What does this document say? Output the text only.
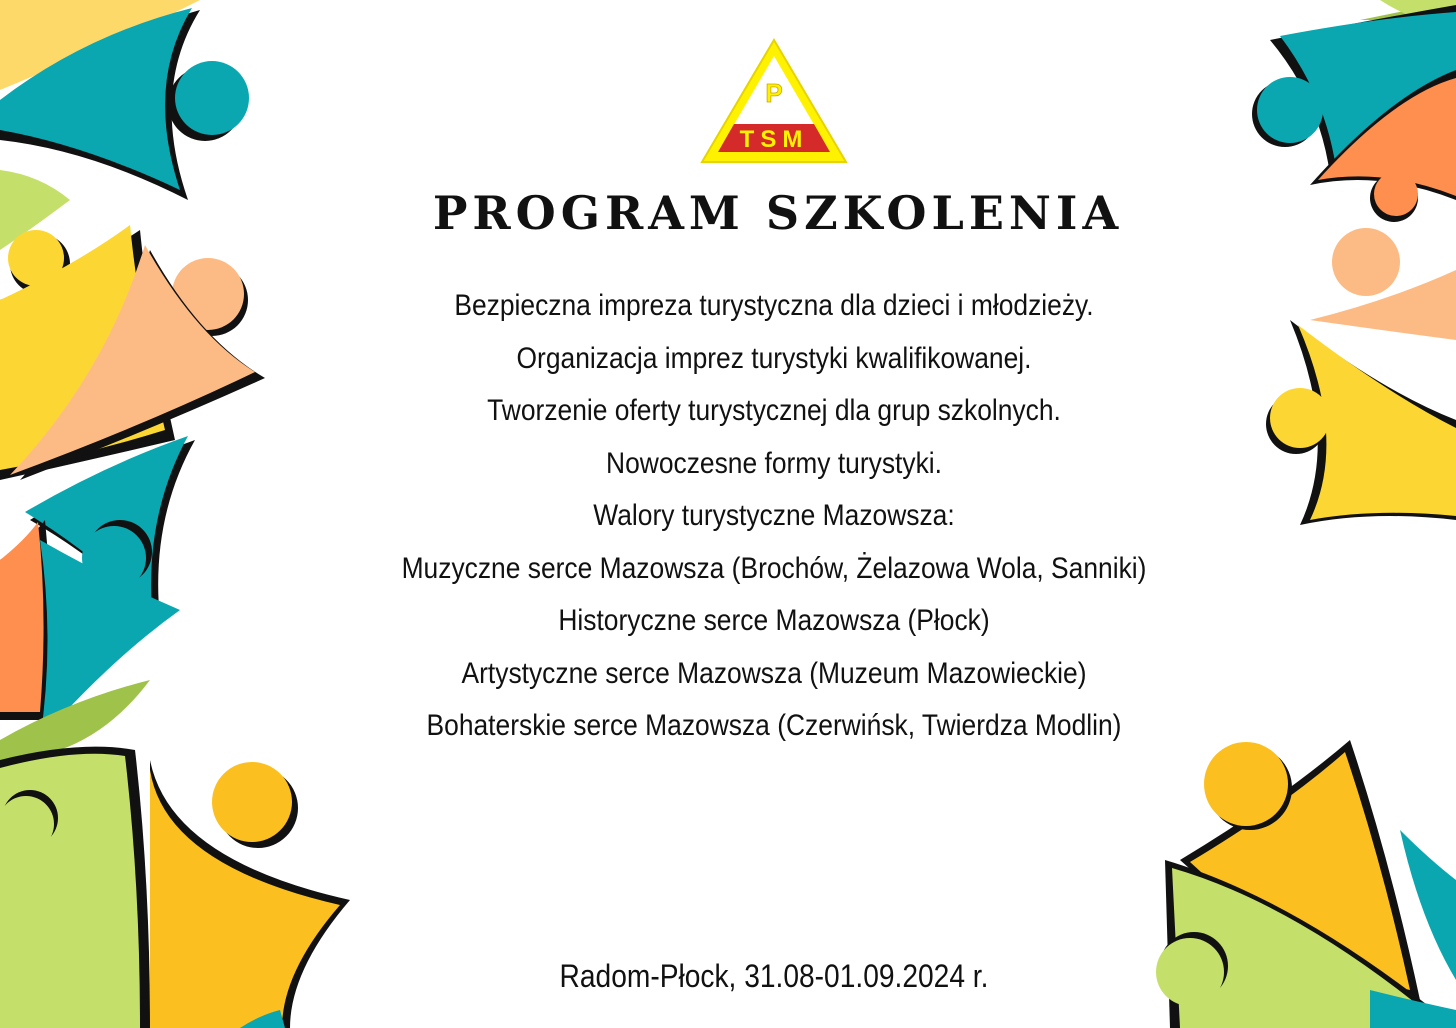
P
TSM
PROGRAM SZKOLENIA
Bezpieczna impreza turystyczna dla dzieci i młodzieży.
Organizacja imprez turystyki kwalifikowanej.
Tworzenie oferty turystycznej dla grup szkolnych.
Nowoczesne formy turystyki.
Walory turystyczne Mazowsza:
Muzyczne serce Mazowsza (Brochów, Żelazowa Wola, Sanniki)
Historyczne serce Mazowsza (Płock)
Artystyczne serce Mazowsza (Muzeum Mazowieckie)
Bohaterskie serce Mazowsza (Czerwińsk, Twierdza Modlin)
Radom-Płock, 31.08-01.09.2024 r.
